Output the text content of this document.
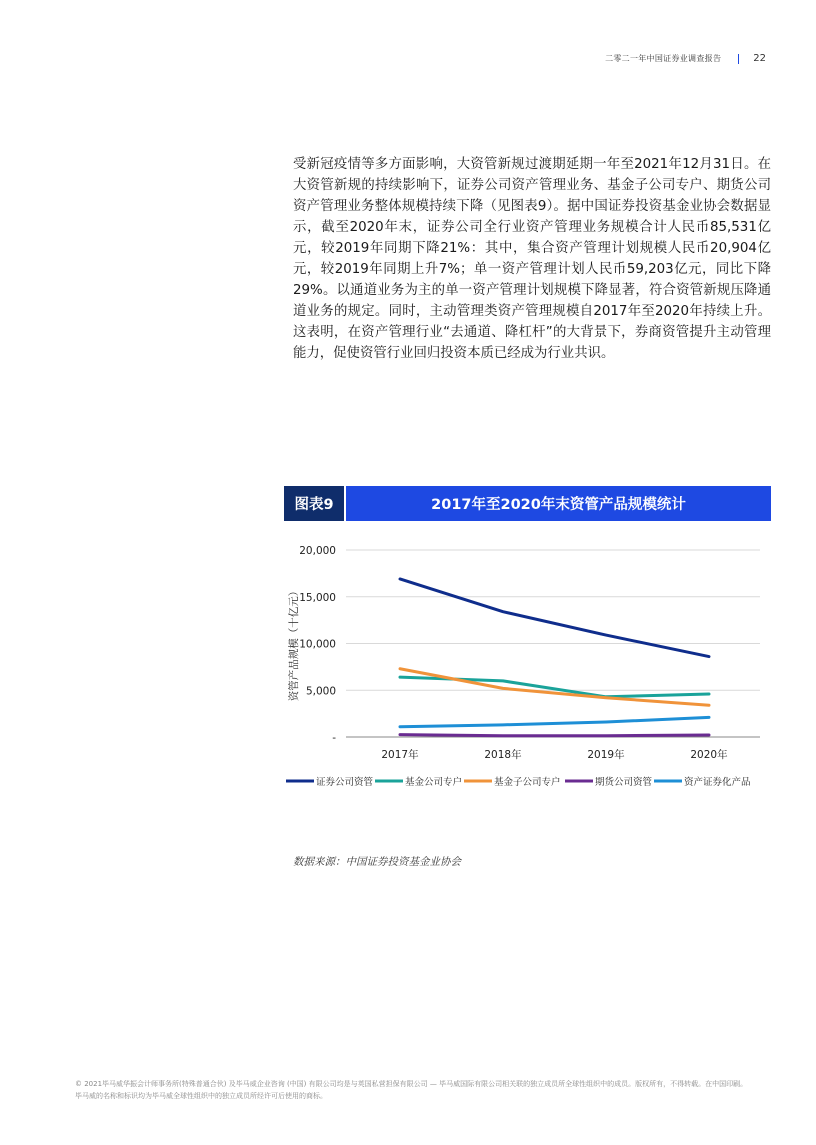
二零二一年中国证券业调查报告	22
受新冠疫情等多方面影响，大资管新规过渡期延期一年至2021年12月31日。在大资管新规的持续影响下，证券公司资产管理业务、基金子公司专户、期货公司资产管理业务整体规模持续下降（见图表9）。据中国证券投资基金业协会数据显示，截至2020年末，证券公司全行业资产管理业务规模合计人民币85,531亿元，较2019年同期下降21%：其中，集合资产管理计划规模人民币20,904亿元，较2019年同期上升7%；单一资产管理计划人民币59,203亿元，同比下降29%。以通道业务为主的单一资产管理计划规模下降显著，符合资管新规压降通道业务的规定。同时，主动管理类资产管理规模自2017年至2020年持续上升。这表明，在资产管理行业“去通道、降杠杆”的大背景下，券商资管提升主动管理能力，促使资管行业回归投资本质已经成为行业共识。
图表9	2017年至2020年末资管产品规模统计
-
5,000
10,000
15,000
20,000
资管产品规模（十亿元）
2017年	2018年	2019年	2020年
证券公司资管	基金公司专户	基金子公司专户	期货公司资管	资产证券化产品
数据来源：中国证券投资基金业协会
© 2021毕马威华振会计师事务所(特殊普通合伙) 及毕马威企业咨询 (中国) 有限公司均是与英国私营担保有限公司 — 毕马威国际有限公司相关联的独立成员所全球性组织中的成员。版权所有，不得转载。在中国印刷。
毕马威的名称和标识均为毕马威全球性组织中的独立成员所经许可后使用的商标。
